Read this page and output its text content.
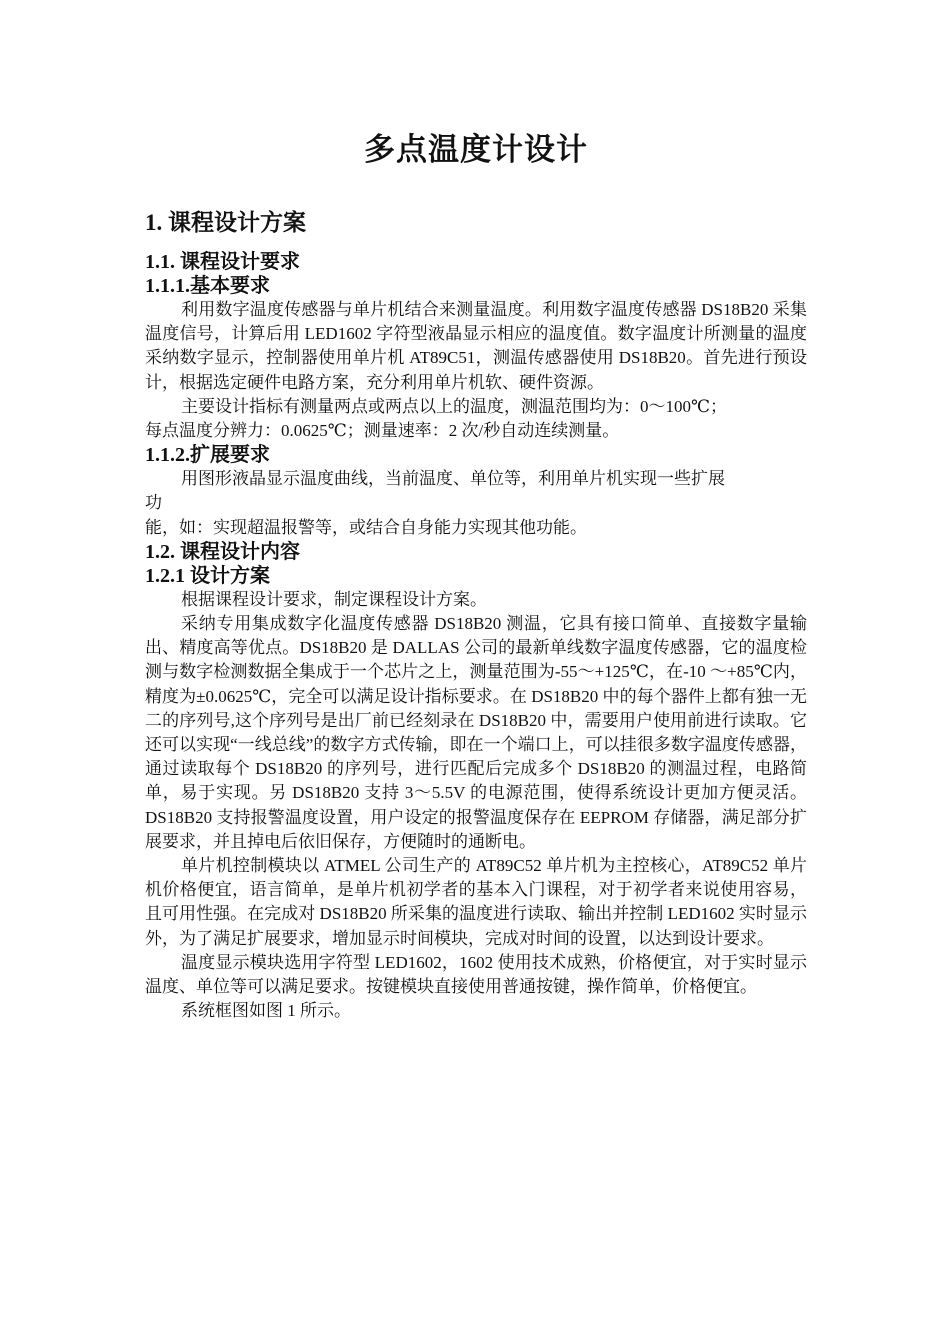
多点温度计设计
1. 课程设计方案

1.1. 课程设计要求

1.1.1.基本要求

利用数字温度传感器与单片机结合来测量温度。利用数字温度传感器 DS18B20 采集温度信号，计算后用 LED1602 字符型液晶显示相应的温度值。数字温度计所测量的温度采纳数字显示，控制器使用单片机 AT89C51，测温传感器使用 DS18B20。首先进行预设计，根据选定硬件电路方案，充分利用单片机软、硬件资源。

主要设计指标有测量两点或两点以上的温度，测温范围均为：0～100℃；

每点温度分辨力：0.0625℃；测量速率：2 次/秒自动连续测量。

1.1.2.扩展要求

用图形液晶显示温度曲线，当前温度、单位等，利用单片机实现一些扩展

功

能，如：实现超温报警等，或结合自身能力实现其他功能。

1.2. 课程设计内容

1.2.1 设计方案

根据课程设计要求，制定课程设计方案。

采纳专用集成数字化温度传感器 DS18B20 测温，它具有接口简单、直接数字量输出、精度高等优点。DS18B20 是 DALLAS 公司的最新单线数字温度传感器，它的温度检测与数字检测数据全集成于一个芯片之上，测量范围为-55～+125℃，在-10 ～+85℃内，精度为±0.0625℃，完全可以满足设计指标要求。在 DS18B20 中的每个器件上都有独一无二的序列号,这个序列号是出厂前已经刻录在 DS18B20 中，需要用户使用前进行读取。它还可以实现“一线总线”的数字方式传输，即在一个端口上，可以挂很多数字温度传感器，通过读取每个 DS18B20 的序列号，进行匹配后完成多个 DS18B20 的测温过程，电路简单，易于实现。另 DS18B20 支持 3～5.5V 的电源范围，使得系统设计更加方便灵活。DS18B20 支持报警温度设置，用户设定的报警温度保存在 EEPROM 存储器，满足部分扩展要求，并且掉电后依旧保存，方便随时的通断电。

单片机控制模块以 ATMEL 公司生产的 AT89C52 单片机为主控核心，AT89C52 单片机价格便宜，语言简单，是单片机初学者的基本入门课程，对于初学者来说使用容易，且可用性强。在完成对 DS18B20 所采集的温度进行读取、输出并控制 LED1602 实时显示外，为了满足扩展要求，增加显示时间模块，完成对时间的设置，以达到设计要求。

温度显示模块选用字符型 LED1602，1602 使用技术成熟，价格便宜，对于实时显示温度、单位等可以满足要求。按键模块直接使用普通按键，操作简单，价格便宜。

系统框图如图 1 所示。
